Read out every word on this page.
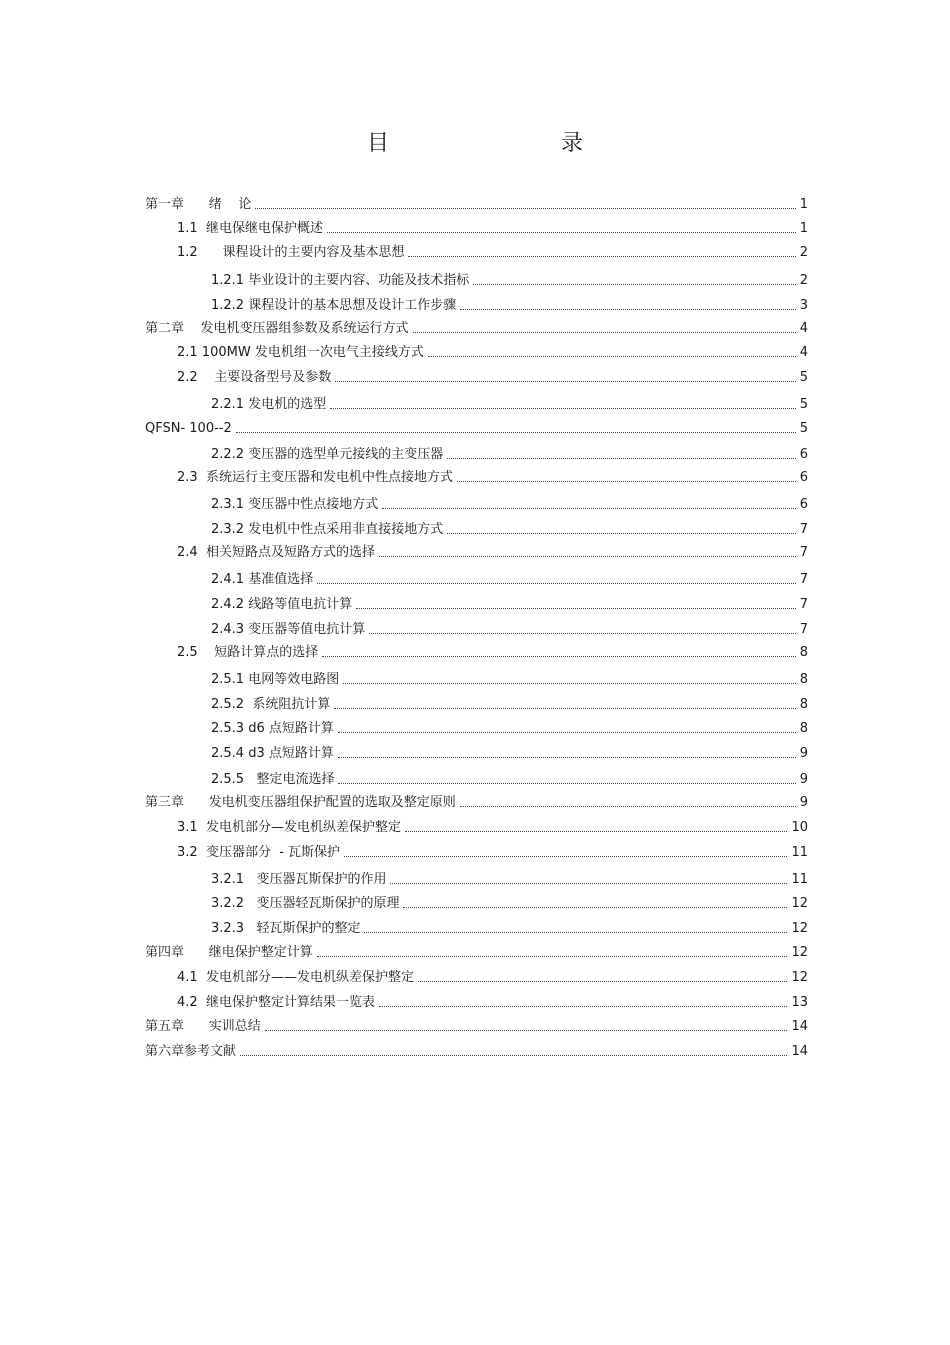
目    录
第一章      绪    论	1
1.1  继电保继电保护概述	1
1.2      课程设计的主要内容及基本思想	2
1.2.1 毕业设计的主要内容、功能及技术指标	2
1.2.2 课程设计的基本思想及设计工作步骤	3
第二章    发电机变压器组参数及系统运行方式	4
2.1 100MW 发电机组一次电气主接线方式	4
2.2    主要设备型号及参数	5
2.2.1 发电机的选型	5
QFSN- 100--2	5
2.2.2 变压器的选型单元接线的主变压器	6
2.3  系统运行主变压器和发电机中性点接地方式	6
2.3.1 变压器中性点接地方式	6
2.3.2 发电机中性点采用非直接接地方式	7
2.4  相关短路点及短路方式的选择	7
2.4.1 基准值选择	7
2.4.2 线路等值电抗计算	7
2.4.3 变压器等值电抗计算	7
2.5    短路计算点的选择	8
2.5.1 电网等效电路图	8
2.5.2  系统阻抗计算	8
2.5.3 d6 点短路计算	8
2.5.4 d3 点短路计算	9
2.5.5   整定电流选择	9
第三章      发电机变压器组保护配置的选取及整定原则	9
3.1  发电机部分—发电机纵差保护整定	10
3.2  变压器部分  - 瓦斯保护	11
3.2.1   变压器瓦斯保护的作用	11
3.2.2   变压器轻瓦斯保护的原理	12
3.2.3   轻瓦斯保护的整定	12
第四章      继电保护整定计算	12
4.1  发电机部分——发电机纵差保护整定	12
4.2  继电保护整定计算结果一览表	13
第五章      实训总结	14
第六章参考文献	14
